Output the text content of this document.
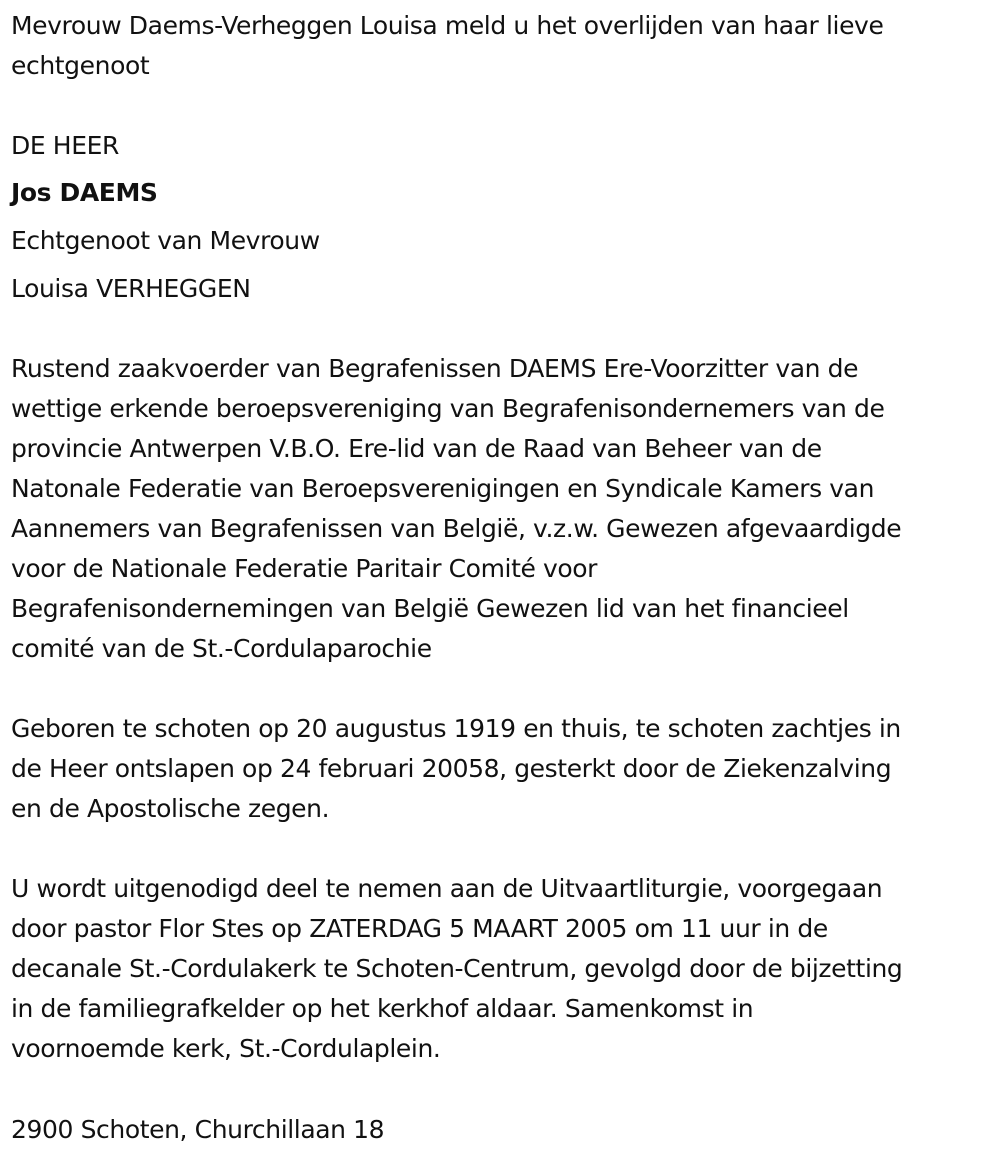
Mevrouw Daems-Verheggen Louisa meld u het overlijden van haar lieve
echtgenoot

DE HEER

Jos DAEMS

Echtgenoot van Mevrouw

Louisa VERHEGGEN

Rustend zaakvoerder van Begrafenissen DAEMS Ere-Voorzitter van de
wettige erkende beroepsvereniging van Begrafenisondernemers van de
provincie Antwerpen V.B.O. Ere-lid van de Raad van Beheer van de
Natonale Federatie van Beroepsverenigingen en Syndicale Kamers van
Aannemers van Begrafenissen van België, v.z.w. Gewezen afgevaardigde
voor de Nationale Federatie Paritair Comité voor
Begrafenisondernemingen van België Gewezen lid van het financieel
comité van de St.-Cordulaparochie

Geboren te schoten op 20 augustus 1919 en thuis, te schoten zachtjes in
de Heer ontslapen op 24 februari 20058, gesterkt door de Ziekenzalving
en de Apostolische zegen.

U wordt uitgenodigd deel te nemen aan de Uitvaartliturgie, voorgegaan
door pastor Flor Stes op ZATERDAG 5 MAART 2005 om 11 uur in de
decanale St.-Cordulakerk te Schoten-Centrum, gevolgd door de bijzetting
in de familiegrafkelder op het kerkhof aldaar. Samenkomst in
voornoemde kerk, St.-Cordulaplein.

2900 Schoten, Churchillaan 18
